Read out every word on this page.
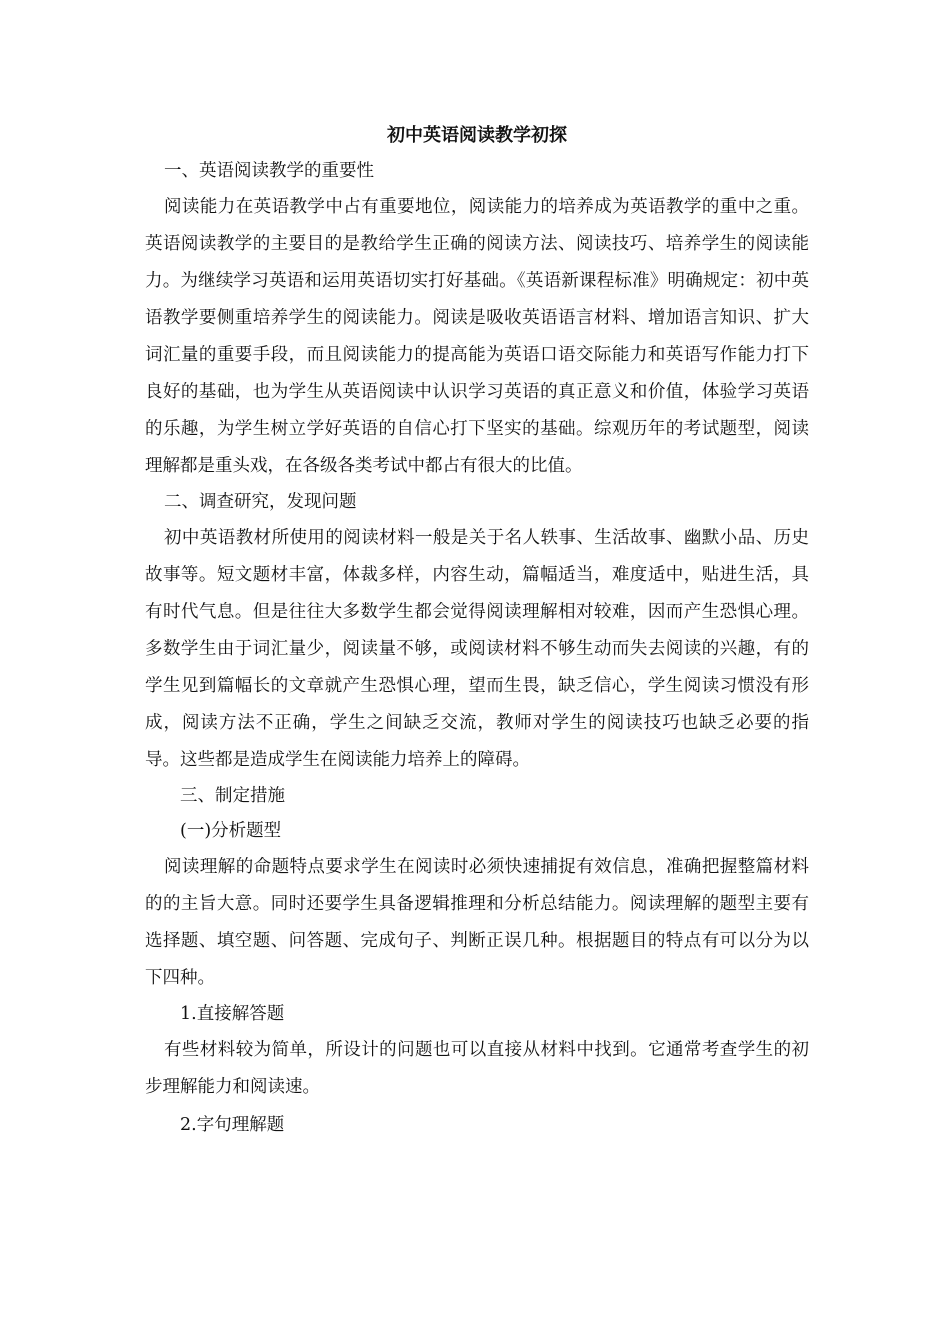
初中英语阅读教学初探

一、英语阅读教学的重要性

阅读能力在英语教学中占有重要地位，阅读能力的培养成为英语教学的重中之重。英语阅读教学的主要目的是教给学生正确的阅读方法、阅读技巧、培养学生的阅读能力。为继续学习英语和运用英语切实打好基础。《英语新课程标准》明确规定：初中英语教学要侧重培养学生的阅读能力。阅读是吸收英语语言材料、增加语言知识、扩大词汇量的重要手段，而且阅读能力的提高能为英语口语交际能力和英语写作能力打下良好的基础，也为学生从英语阅读中认识学习英语的真正意义和价值，体验学习英语的乐趣，为学生树立学好英语的自信心打下坚实的基础。综观历年的考试题型，阅读理解都是重头戏，在各级各类考试中都占有很大的比值。

二、调查研究，发现问题

初中英语教材所使用的阅读材料一般是关于名人轶事、生活故事、幽默小品、历史故事等。短文题材丰富，体裁多样，内容生动，篇幅适当，难度适中，贴进生活，具有时代气息。但是往往大多数学生都会觉得阅读理解相对较难，因而产生恐惧心理。多数学生由于词汇量少，阅读量不够，或阅读材料不够生动而失去阅读的兴趣，有的学生见到篇幅长的文章就产生恐惧心理，望而生畏，缺乏信心，学生阅读习惯没有形成，阅读方法不正确，学生之间缺乏交流，教师对学生的阅读技巧也缺乏必要的指导。这些都是造成学生在阅读能力培养上的障碍。

三、制定措施

(一)分析题型

阅读理解的命题特点要求学生在阅读时必须快速捕捉有效信息，准确把握整篇材料的的主旨大意。同时还要学生具备逻辑推理和分析总结能力。阅读理解的题型主要有选择题、填空题、问答题、完成句子、判断正误几种。根据题目的特点有可以分为以下四种。

1.直接解答题

有些材料较为简单，所设计的问题也可以直接从材料中找到。它通常考查学生的初步理解能力和阅读速。

2.字句理解题
